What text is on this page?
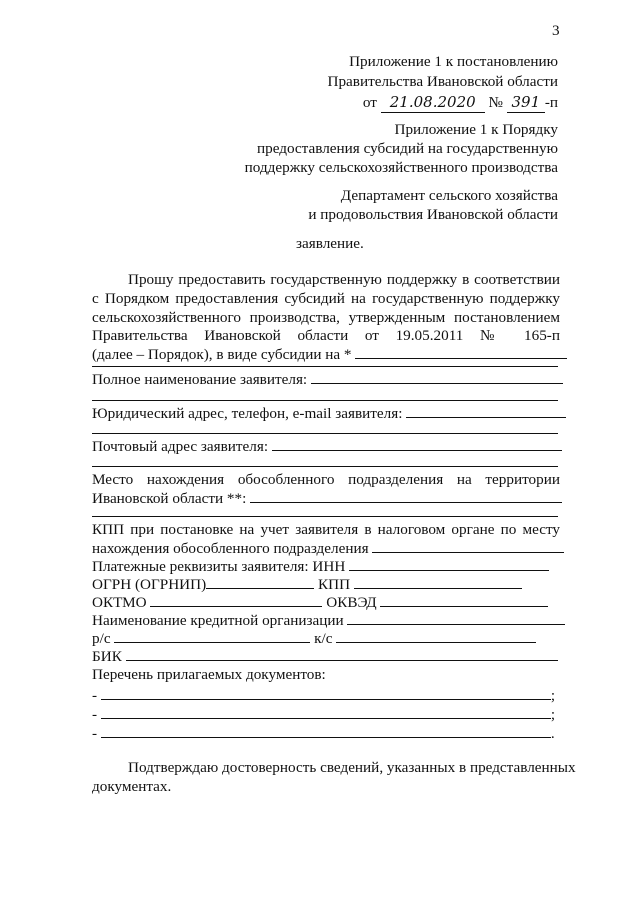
3
Приложение 1 к постановлению
Правительства Ивановской области
от 21.08.2020 № 391 -п
Приложение 1 к Порядку
предоставления субсидий на государственную
поддержку сельскохозяйственного производства
Департамент сельского хозяйства
и продовольствия Ивановской области
заявление.
Прошу предоставить государственную поддержку в соответствии
с Порядком предоставления субсидий на государственную поддержку
сельскохозяйственного производства, утвержденным постановлением
Правительства Ивановской области от 19.05.2011 № 165-п
(далее – Порядок), в виде субсидии на *
Полное наименование заявителя:
Юридический адрес, телефон, e-mail заявителя:
Почтовый адрес заявителя:
Место нахождения обособленного подразделения на территории
Ивановской области **:
КПП при постановке на учет заявителя в налоговом органе по месту
нахождения обособленного подразделения
Платежные реквизиты заявителя: ИНН
ОГРН (ОГРНИП)	КПП
ОКТМО	ОКВЭД
Наименование кредитной организации
р/с	к/с
БИК
Перечень прилагаемых документов:
-	;
-	;
-	.
Подтверждаю достоверность сведений, указанных в представленных
документах.
